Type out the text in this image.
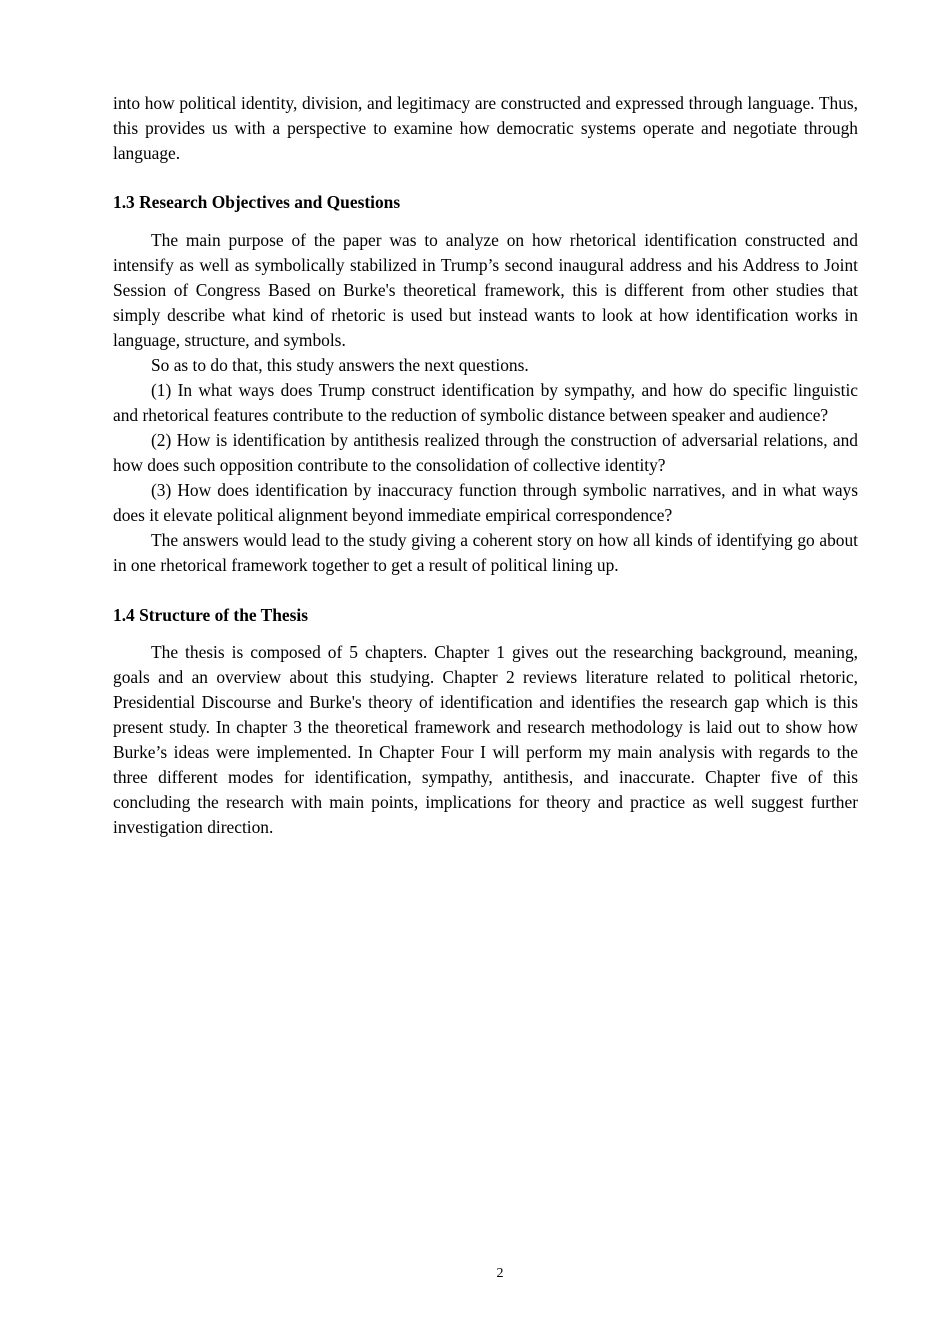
into how political identity, division, and legitimacy are constructed and expressed through language. Thus, this provides us with a perspective to examine how democratic systems operate and negotiate through language.

1.3 Research Objectives and Questions

The main purpose of the paper was to analyze on how rhetorical identification constructed and intensify as well as symbolically stabilized in Trump’s second inaugural address and his Address to Joint Session of Congress Based on Burke's theoretical framework, this is different from other studies that simply describe what kind of rhetoric is used but instead wants to look at how identification works in language, structure, and symbols.

So as to do that, this study answers the next questions.

(1) In what ways does Trump construct identification by sympathy, and how do specific linguistic and rhetorical features contribute to the reduction of symbolic distance between speaker and audience?

(2) How is identification by antithesis realized through the construction of adversarial relations, and how does such opposition contribute to the consolidation of collective identity?

(3) How does identification by inaccuracy function through symbolic narratives, and in what ways does it elevate political alignment beyond immediate empirical correspondence?

The answers would lead to the study giving a coherent story on how all kinds of identifying go about in one rhetorical framework together to get a result of political lining up.

1.4 Structure of the Thesis

The thesis is composed of 5 chapters. Chapter 1 gives out the researching background, meaning, goals and an overview about this studying. Chapter 2 reviews literature related to political rhetoric, Presidential Discourse and Burke's theory of identification and identifies the research gap which is this present study. In chapter 3 the theoretical framework and research methodology is laid out to show how Burke’s ideas were implemented. In Chapter Four I will perform my main analysis with regards to the three different modes for identification, sympathy, antithesis, and inaccurate. Chapter five of this concluding the research with main points, implications for theory and practice as well suggest further investigation direction.

2
